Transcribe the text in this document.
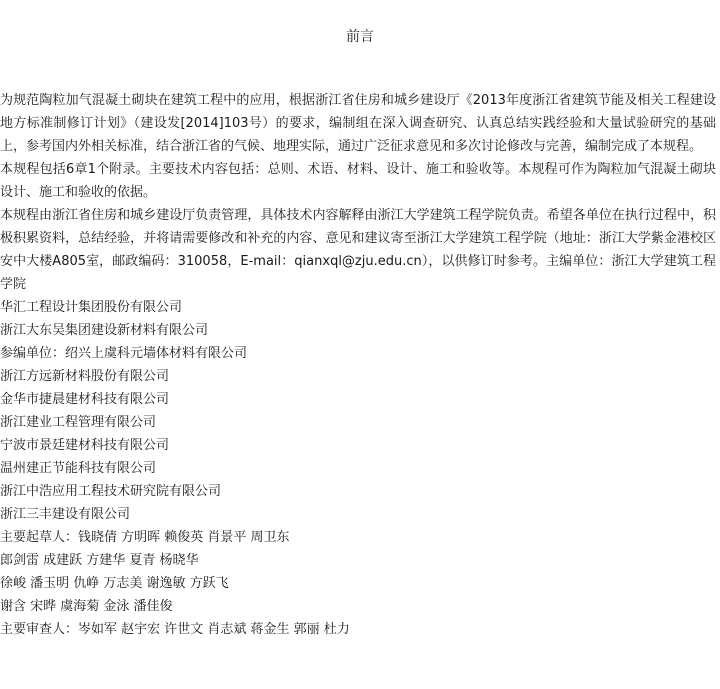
前言

为规范陶粒加气混凝土砌块在建筑工程中的应用，根据浙江省住房和城乡建设厅《2013年度浙江省建筑节能及相关工程建设地方标准制修订计划》（建设发[2014]103号）的要求，编制组在深入调查研究、认真总结实践经验和大量试验研究的基础上，参考国内外相关标准，结合浙江省的气候、地理实际，通过广泛征求意见和多次讨论修改与完善，编制完成了本规程。

本规程包括6章1个附录。主要技术内容包括：总则、术语、材料、设计、施工和验收等。本规程可作为陶粒加气混凝土砌块设计、施工和验收的依据。

本规程由浙江省住房和城乡建设厅负责管理，具体技术内容解释由浙江大学建筑工程学院负责。希望各单位在执行过程中，积极积累资料，总结经验，并将请需要修改和补充的内容、意见和建议寄至浙江大学建筑工程学院（地址：浙江大学紫金港校区安中大楼A805室，邮政编码：310058，E-mail：qianxql@zju.edu.cn），以供修订时参考。主编单位：浙江大学建筑工程学院

华汇工程设计集团股份有限公司
浙江大东吴集团建设新材料有限公司
参编单位：绍兴上虞科元墙体材料有限公司
浙江方远新材料股份有限公司
金华市捷晨建材科技有限公司
浙江建业工程管理有限公司
宁波市景廷建材科技有限公司
温州建正节能科技有限公司
浙江中浩应用工程技术研究院有限公司
浙江三丰建设有限公司
主要起草人：钱晓倩 方明晖 赖俊英 肖景平 周卫东
郎剑雷 成建跃 方建华 夏青 杨晓华
徐峻 潘玉明 仇峥 万志美 谢逸敏 方跃飞
谢含 宋晔 虞海菊 金泳 潘佳俊
主要审查人：岑如军 赵宇宏 许世文 肖志斌 蒋金生 郭丽 杜力
